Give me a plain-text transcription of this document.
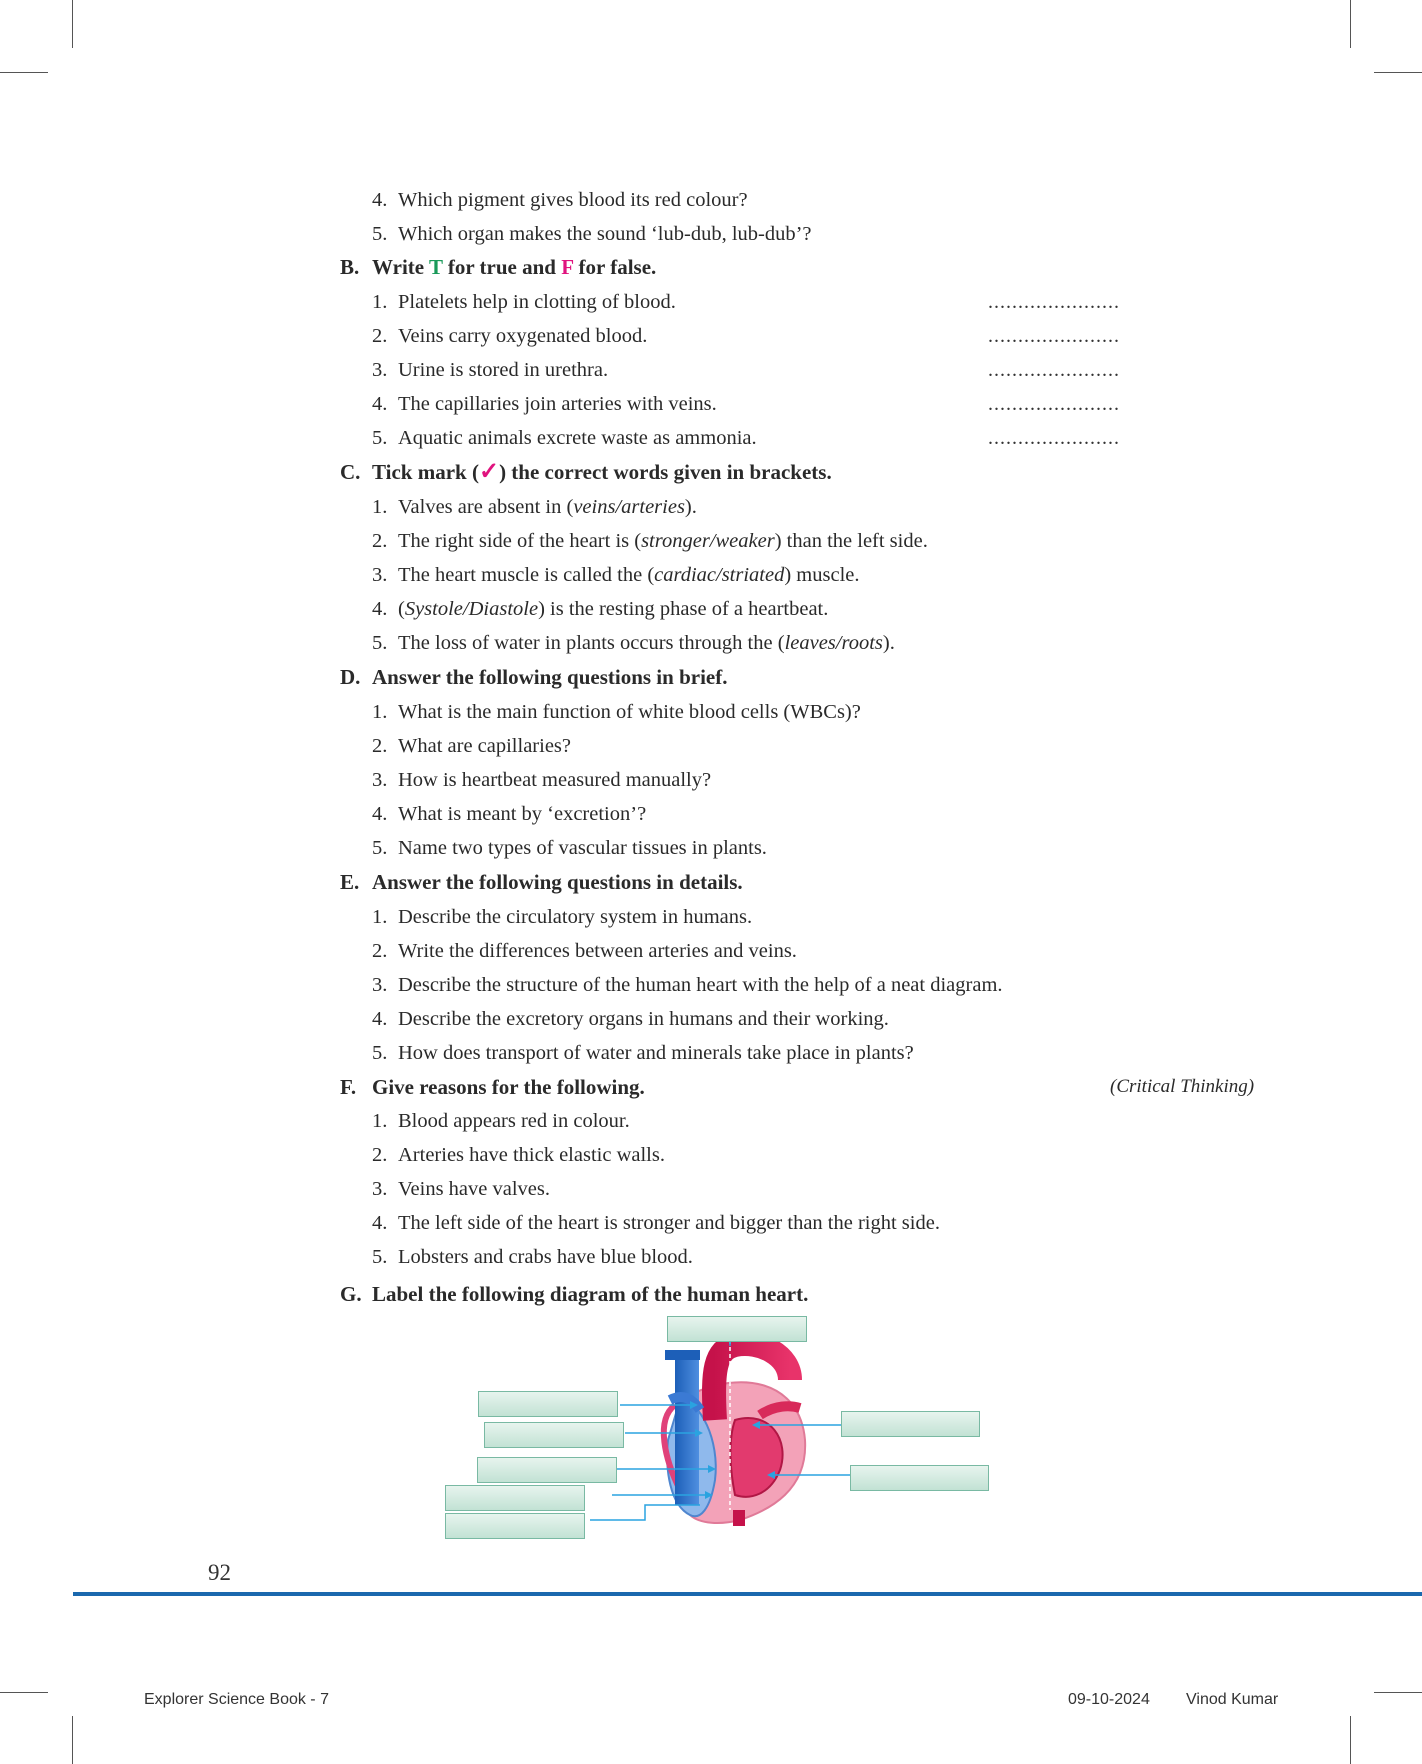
4. Which pigment gives blood its red colour?
5. Which organ makes the sound ‘lub-dub, lub-dub’?
B. Write T for true and F for false.
1. Platelets help in clotting of blood.	......................
2. Veins carry oxygenated blood.	......................
3. Urine is stored in urethra.	......................
4. The capillaries join arteries with veins.	......................
5. Aquatic animals excrete waste as ammonia.	......................
C. Tick mark (✓) the correct words given in brackets.
1. Valves are absent in (veins/arteries).
2. The right side of the heart is (stronger/weaker) than the left side.
3. The heart muscle is called the (cardiac/striated) muscle.
4. (Systole/Diastole) is the resting phase of a heartbeat.
5. The loss of water in plants occurs through the (leaves/roots).
D. Answer the following questions in brief.
1. What is the main function of white blood cells (WBCs)?
2. What are capillaries?
3. How is heartbeat measured manually?
4. What is meant by ‘excretion’?
5. Name two types of vascular tissues in plants.
E. Answer the following questions in details.
1. Describe the circulatory system in humans.
2. Write the differences between arteries and veins.
3. Describe the structure of the human heart with the help of a neat diagram.
4. Describe the excretory organs in humans and their working.
5. How does transport of water and minerals take place in plants?
F. Give reasons for the following.	(Critical Thinking)
1. Blood appears red in colour.
2. Arteries have thick elastic walls.
3. Veins have valves.
4. The left side of the heart is stronger and bigger than the right side.
5. Lobsters and crabs have blue blood.
G. Label the following diagram of the human heart.
92
Explorer Science Book - 7	09-10-2024 Vinod Kumar
